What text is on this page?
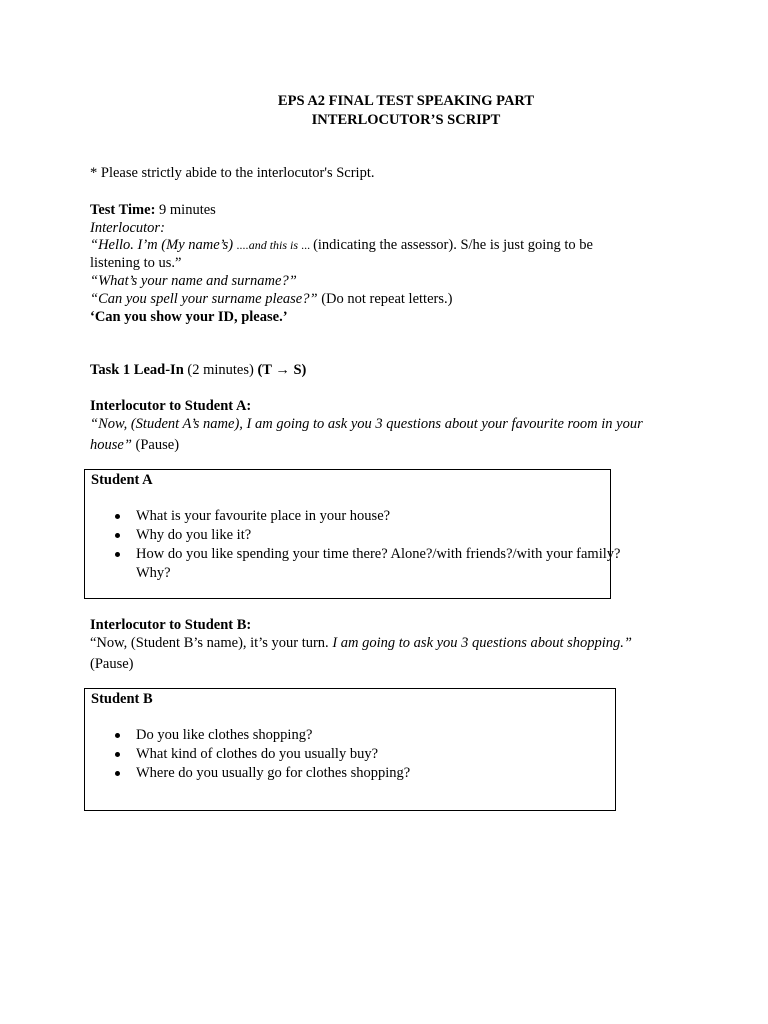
EPS A2 FINAL TEST SPEAKING PART
INTERLOCUTOR’S SCRIPT
* Please strictly abide to the interlocutor's Script.
Test Time: 9 minutes
Interlocutor:
“Hello. I’m (My name’s) ....and this is ... (indicating the assessor). S/he is just going to be
listening to us.”
“What’s your name and surname?”
“Can you spell your surname please?” (Do not repeat letters.)
‘Can you show your ID, please.’
Task 1 Lead-In (2 minutes) (T → S)
Interlocutor to Student A:
“Now, (Student A’s name), I am going to ask you 3 questions about your favourite room in your
house” (Pause)
Student A
What is your favourite place in your house?
Why do you like it?
How do you like spending your time there? Alone?/with friends?/with your family? Why?
Interlocutor to Student B:
“Now, (Student B’s name), it’s your turn. I am going to ask you 3 questions about shopping.”
(Pause)
Student B
Do you like clothes shopping?
What kind of clothes do you usually buy?
Where do you usually go for clothes shopping?
